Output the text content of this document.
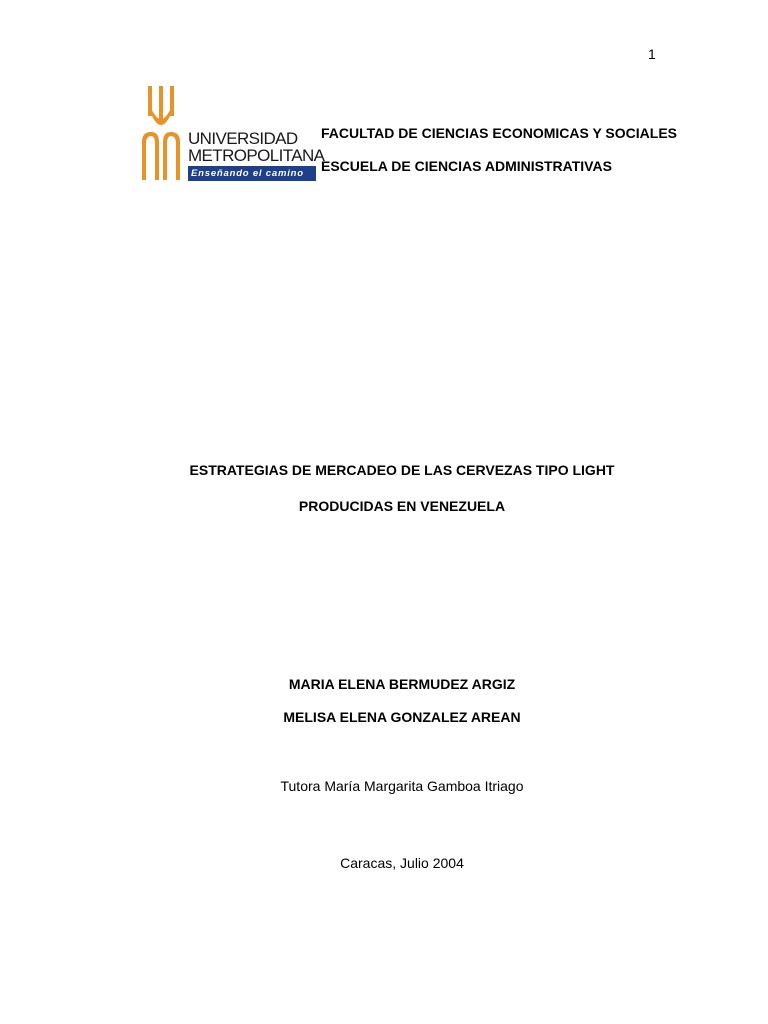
1
UNIVERSIDAD
METROPOLITANA
Enseñando el camino
FACULTAD DE CIENCIAS ECONOMICAS Y SOCIALES
ESCUELA DE CIENCIAS ADMINISTRATIVAS
ESTRATEGIAS DE MERCADEO DE LAS CERVEZAS TIPO LIGHT
PRODUCIDAS EN VENEZUELA
MARIA ELENA BERMUDEZ ARGIZ
MELISA ELENA GONZALEZ AREAN
Tutora María Margarita Gamboa Itriago
Caracas, Julio 2004
